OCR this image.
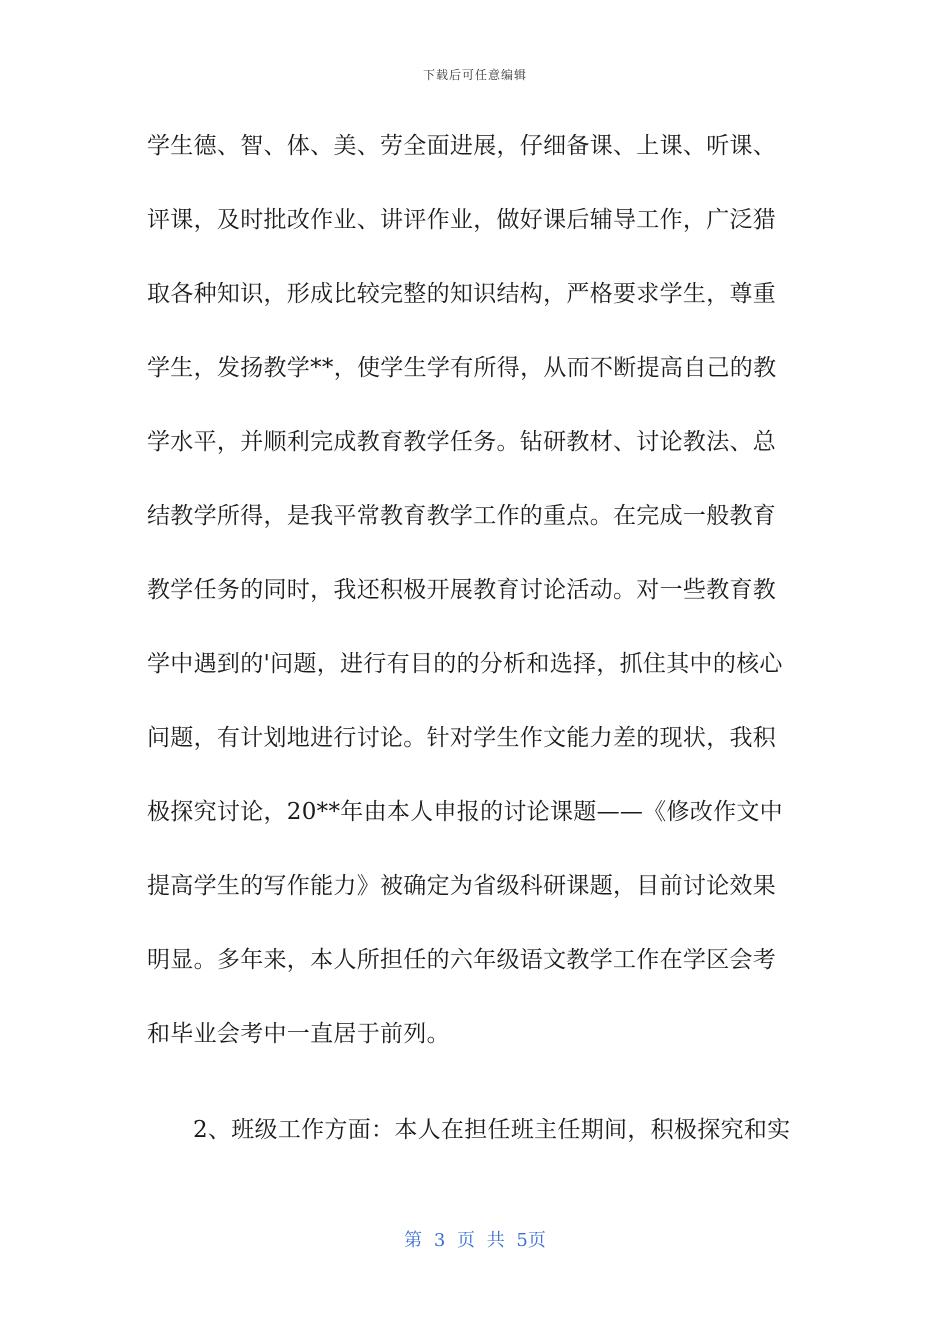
下载后可任意编辑
学生德、智、体、美、劳全面进展，仔细备课、上课、听课、
评课，及时批改作业、讲评作业，做好课后辅导工作，广泛猎
取各种知识，形成比较完整的知识结构，严格要求学生，尊重
学生，发扬教学**，使学生学有所得，从而不断提高自己的教
学水平，并顺利完成教育教学任务。钻研教材、讨论教法、总
结教学所得，是我平常教育教学工作的重点。在完成一般教育
教学任务的同时，我还积极开展教育讨论活动。对一些教育教
学中遇到的'问题，进行有目的的分析和选择，抓住其中的核心
问题，有计划地进行讨论。针对学生作文能力差的现状，我积
极探究讨论，20**年由本人申报的讨论课题——《修改作文中
提高学生的写作能力》被确定为省级科研课题，目前讨论效果
明显。多年来，本人所担任的六年级语文教学工作在学区会考
和毕业会考中一直居于前列。
2、班级工作方面：本人在担任班主任期间，积极探究和实
第 3 页 共 5页
